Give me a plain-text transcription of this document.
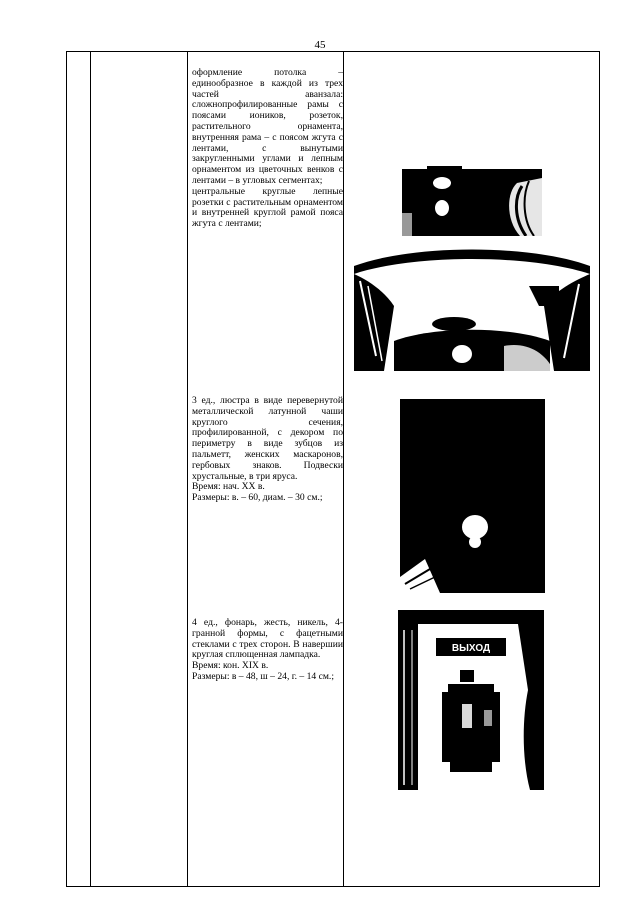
45
оформление потолка – единообразное в каждой из трех частей аванзала: сложнопрофилированные рамы с поясами иоников, розеток, растительного орнамента, внутренняя рама – с поясом жгута с лентами, с вынутыми закругленными углами и лепным орнаментом из цветочных венков с лентами – в угловых сегментах;
центральные круглые лепные розетки с растительным орнаментом и внутренней круглой рамой пояса жгута с лентами;
3 ед., люстра в виде перевернутой металлической латунной чаши круглого сечения, профилированной, с декором по периметру в виде зубцов из пальметт, женских маскаронов, гербовых знаков. Подвески хрустальные, в три яруса.
Время: нач. XX в.
Размеры: в. – 60, диам. – 30 см.;
4 ед., фонарь, жесть, никель, 4-гранной формы, с фацетными стеклами с трех сторон. В навершии круглая сплющенная лампадка.
Время: кон. XIX в.
Размеры: в – 48, ш – 24, г. – 14 см.;
ВЫХОД
